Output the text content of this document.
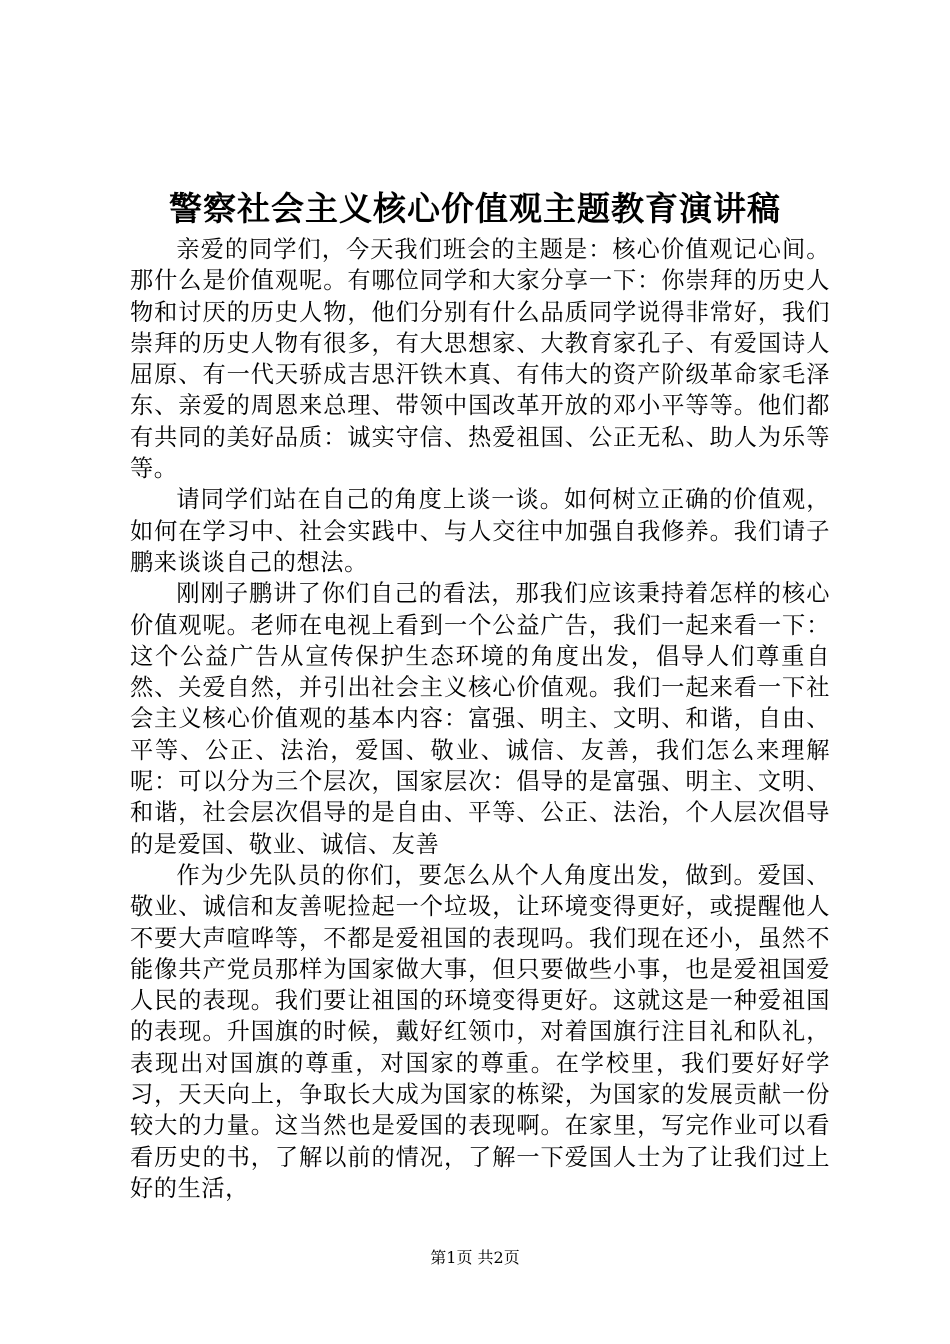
警察社会主义核心价值观主题教育演讲稿

亲爱的同学们，今天我们班会的主题是：核心价值观记心间。那什么是价值观呢。有哪位同学和大家分享一下：你崇拜的历史人物和讨厌的历史人物，他们分别有什么品质同学说得非常好，我们崇拜的历史人物有很多，有大思想家、大教育家孔子、有爱国诗人屈原、有一代天骄成吉思汗铁木真、有伟大的资产阶级革命家毛泽东、亲爱的周恩来总理、带领中国改革开放的邓小平等等。他们都有共同的美好品质：诚实守信、热爱祖国、公正无私、助人为乐等等。

请同学们站在自己的角度上谈一谈。如何树立正确的价值观，如何在学习中、社会实践中、与人交往中加强自我修养。我们请子鹏来谈谈自己的想法。

刚刚子鹏讲了你们自己的看法，那我们应该秉持着怎样的核心价值观呢。老师在电视上看到一个公益广告，我们一起来看一下：这个公益广告从宣传保护生态环境的角度出发，倡导人们尊重自然、关爱自然，并引出社会主义核心价值观。我们一起来看一下社会主义核心价值观的基本内容：富强、明主、文明、和谐，自由、平等、公正、法治，爱国、敬业、诚信、友善，我们怎么来理解呢：可以分为三个层次，国家层次：倡导的是富强、明主、文明、和谐，社会层次倡导的是自由、平等、公正、法治，个人层次倡导的是爱国、敬业、诚信、友善

作为少先队员的你们，要怎么从个人角度出发，做到。爱国、敬业、诚信和友善呢捡起一个垃圾，让环境变得更好，或提醒他人不要大声喧哗等，不都是爱祖国的表现吗。我们现在还小，虽然不能像共产党员那样为国家做大事，但只要做些小事，也是爱祖国爱人民的表现。我们要让祖国的环境变得更好。这就这是一种爱祖国的表现。升国旗的时候，戴好红领巾，对着国旗行注目礼和队礼，表现出对国旗的尊重，对国家的尊重。在学校里，我们要好好学习，天天向上，争取长大成为国家的栋梁，为国家的发展贡献一份较大的力量。这当然也是爱国的表现啊。在家里，写完作业可以看看历史的书，了解以前的情况，了解一下爱国人士为了让我们过上好的生活，

第1页 共2页
